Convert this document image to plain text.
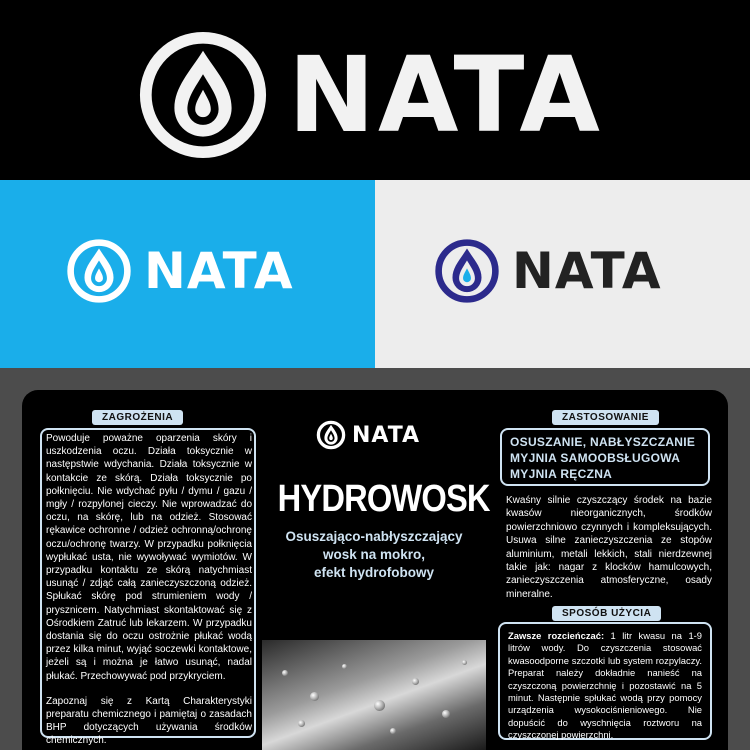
NATA
NATA	NATA
ZAGROŻENIA

Powoduje poważne oparzenia skóry i uszkodzenia oczu. Działa toksycznie w następstwie wdychania. Działa toksycznie w kontakcie ze skórą. Działa toksycznie po połknięciu. Nie wdychać pyłu / dymu / gazu / mgły / rozpylonej cieczy. Nie wprowadzać do oczu, na skórę, lub na odzież. Stosować rękawice ochronne / odzież ochronną/ochronę oczu/ochronę twarzy. W przypadku połknięcia wypłukać usta, nie wywoływać wymiotów. W przypadku kontaktu ze skórą natychmiast usunąć / zdjąć całą zanieczyszczoną odzież. Spłukać skórę pod strumieniem wody / prysznicem. Natychmiast skontaktować się z Ośrodkiem Zatruć lub lekarzem. W przypadku dostania się do oczu ostrożnie płukać wodą przez kilka minut, wyjąć soczewki kontaktowe, jeżeli są i można je łatwo usunąć, nadal płukać. Przechowywać pod przykryciem.

Zapoznaj się z Kartą Charakterystyki preparatu chemicznego i pamiętaj o zasadach BHP dotyczących używania środków chemicznych.

NATA
HYDROWOSK
Osuszająco-nabłyszczający
wosk na mokro,
efekt hydrofobowy
ZASTOSOWANIE
OSUSZANIE, NABŁYSZCZANIE
MYJNIA SAMOOBSŁUGOWA
MYJNIA RĘCZNA
Kwaśny silnie czyszczący środek na bazie kwasów nieorganicznych, środków powierzchniowo czynnych i kompleksujących. Usuwa silne zanieczyszczenia ze stopów aluminium, metali lekkich, stali nierdzewnej takie jak: nagar z klocków hamulcowych, zanieczyszczenia atmosferyczne, osady mineralne.
SPOSÓB UŻYCIA
Zawsze rozcieńczać: 1 litr kwasu na 1-9 litrów wody. Do czyszczenia stosować kwasoodporne szczotki lub system rozpylaczy. Preparat należy dokładnie nanieść na czyszczoną powierzchnię i pozostawić na 5 minut. Następnie spłukać wodą przy pomocy urządzenia wysokociśnieniowego. Nie dopuścić do wyschnięcia roztworu na czyszczonej powierzchni.
